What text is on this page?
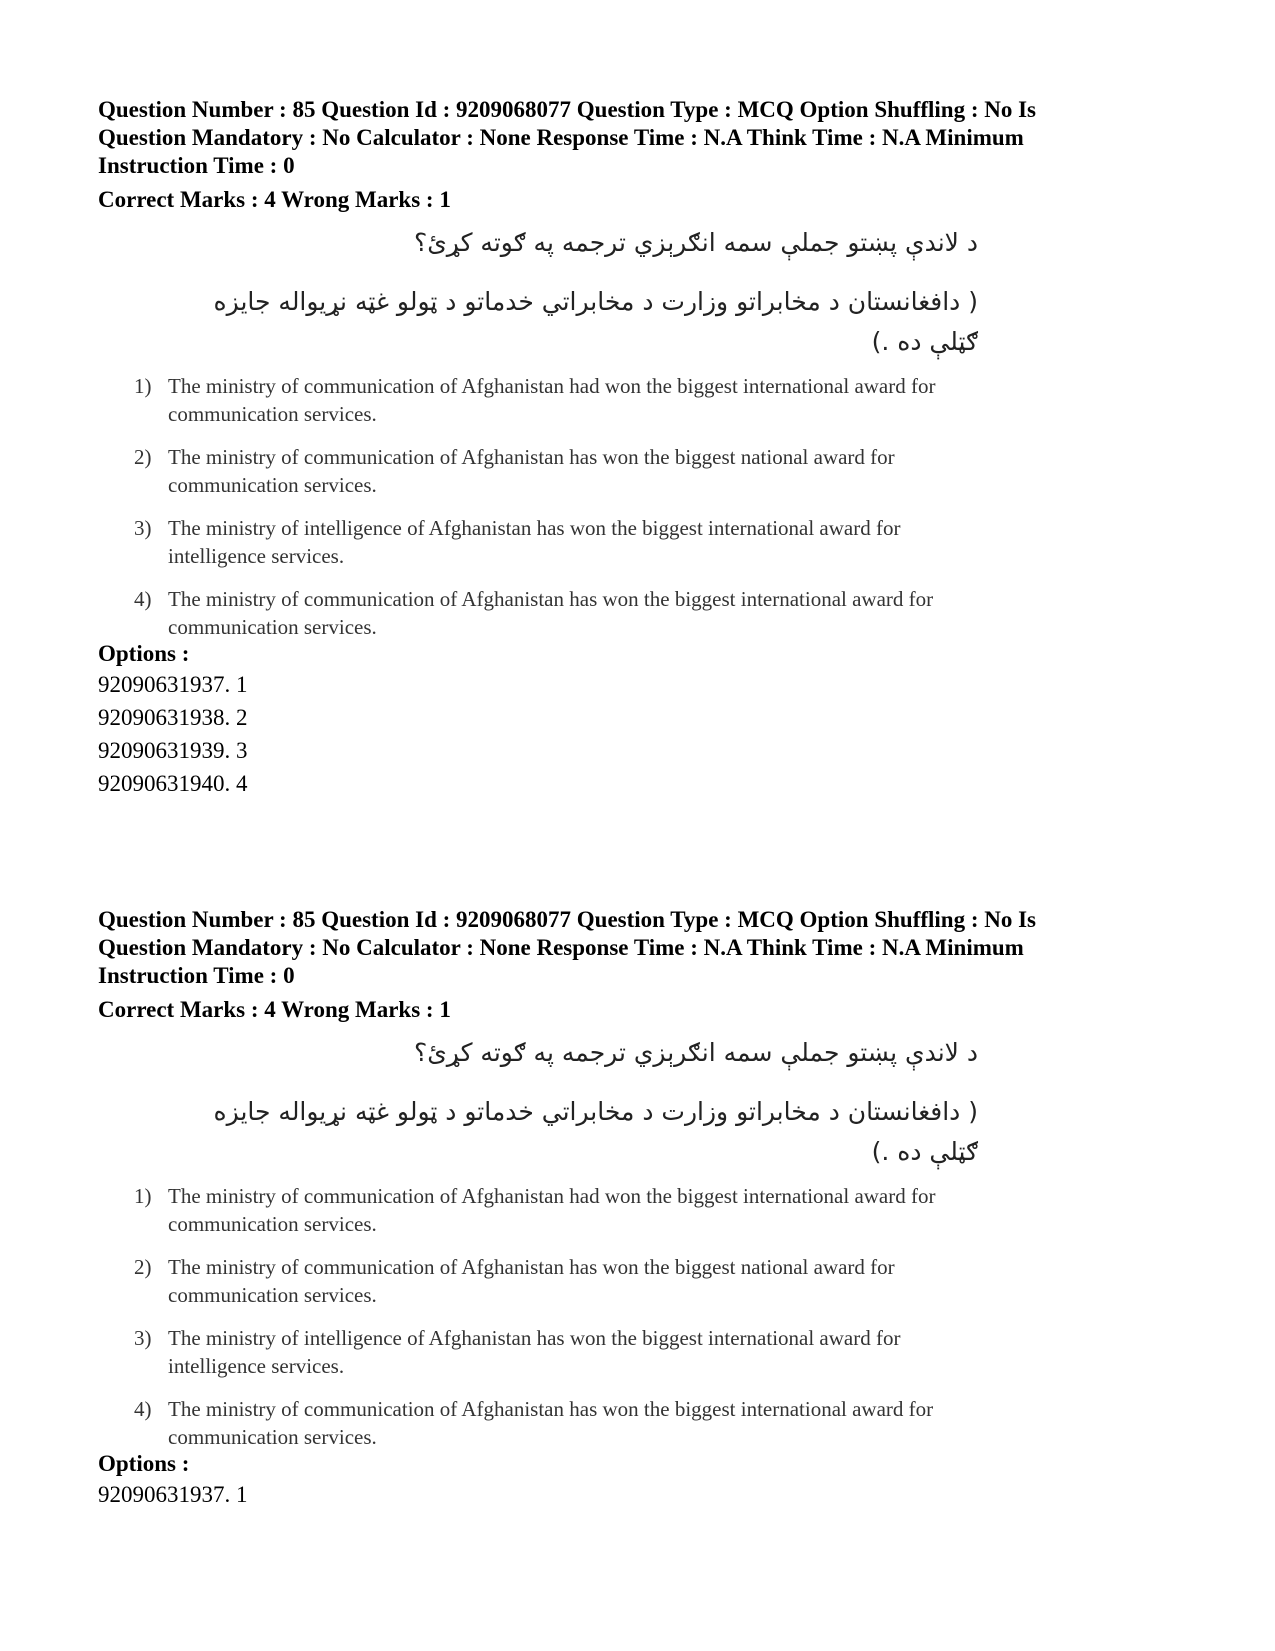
Question Number : 85 Question Id : 9209068077 Question Type : MCQ Option Shuffling : No Is
Question Mandatory : No Calculator : None Response Time : N.A Think Time : N.A Minimum
Instruction Time : 0
Correct Marks : 4 Wrong Marks : 1
د لاندې پښتو جملې سمه انګرېزي ترجمه په ګوته کړئ؟
( دافغانستان د مخابراتو وزارت د مخابراتي خدماتو د ټولو غټه نړیواله جایزه ګټلې ده .)
1) The ministry of communication of Afghanistan had won the biggest international award for communication services.
2) The ministry of communication of Afghanistan has won the biggest national award for communication services.
3) The ministry of intelligence of Afghanistan has won the biggest international award for intelligence services.
4) The ministry of communication of Afghanistan has won the biggest international award for communication services.
Options :
92090631937. 1
92090631938. 2
92090631939. 3
92090631940. 4
Question Number : 85 Question Id : 9209068077 Question Type : MCQ Option Shuffling : No Is
Question Mandatory : No Calculator : None Response Time : N.A Think Time : N.A Minimum
Instruction Time : 0
Correct Marks : 4 Wrong Marks : 1
د لاندې پښتو جملې سمه انګرېزي ترجمه په ګوته کړئ؟
( دافغانستان د مخابراتو وزارت د مخابراتي خدماتو د ټولو غټه نړیواله جایزه ګټلې ده .)
1) The ministry of communication of Afghanistan had won the biggest international award for communication services.
2) The ministry of communication of Afghanistan has won the biggest national award for communication services.
3) The ministry of intelligence of Afghanistan has won the biggest international award for intelligence services.
4) The ministry of communication of Afghanistan has won the biggest international award for communication services.
Options :
92090631937. 1
